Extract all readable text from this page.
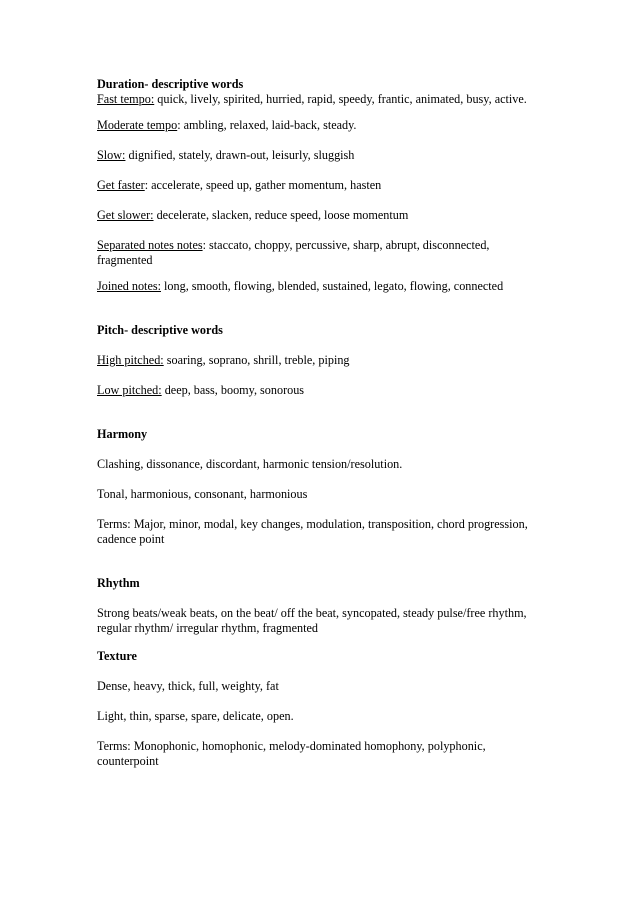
Duration- descriptive words

Fast tempo: quick, lively, spirited, hurried, rapid, speedy, frantic, animated, busy, active.

Moderate tempo: ambling, relaxed, laid-back, steady.

Slow: dignified, stately, drawn-out, leisurly, sluggish

Get faster: accelerate, speed up, gather momentum, hasten

Get slower: decelerate, slacken, reduce speed, loose momentum

Separated notes notes: staccato, choppy, percussive, sharp, abrupt, disconnected, fragmented

Joined notes: long, smooth, flowing, blended, sustained, legato, flowing, connected

Pitch- descriptive words

High pitched: soaring, soprano, shrill, treble, piping

Low pitched: deep, bass, boomy, sonorous

Harmony

Clashing, dissonance, discordant, harmonic tension/resolution.

Tonal, harmonious, consonant, harmonious

Terms: Major, minor, modal, key changes, modulation, transposition, chord progression, cadence point

Rhythm

Strong beats/weak beats, on the beat/ off the beat, syncopated, steady pulse/free rhythm, regular rhythm/ irregular rhythm, fragmented

Texture

Dense, heavy, thick, full, weighty, fat

Light, thin, sparse, spare, delicate, open.

Terms: Monophonic, homophonic, melody-dominated homophony, polyphonic, counterpoint
